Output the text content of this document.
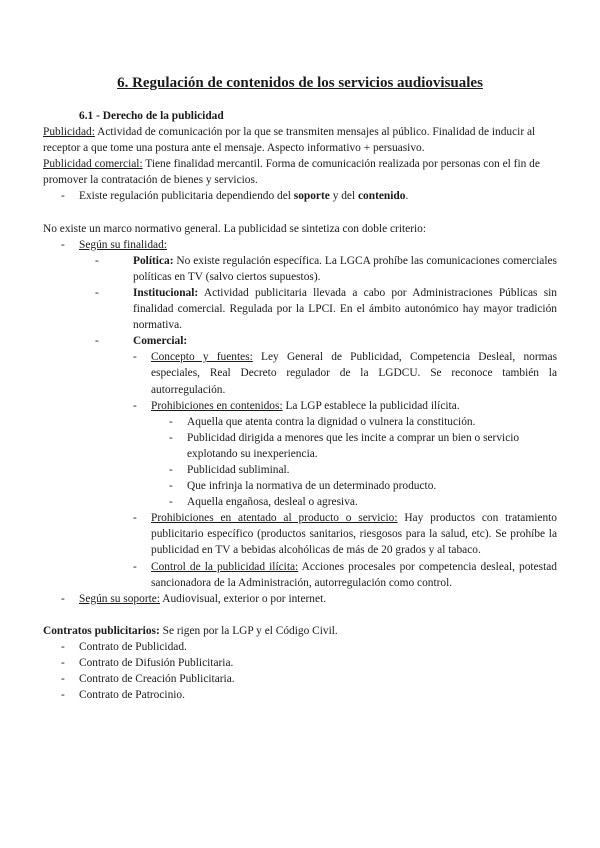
6. Regulación de contenidos de los servicios audiovisuales

6.1 - Derecho de la publicidad

Publicidad: Actividad de comunicación por la que se transmiten mensajes al público. Finalidad de inducir al receptor a que tome una postura ante el mensaje. Aspecto informativo + persuasivo.

Publicidad comercial: Tiene finalidad mercantil. Forma de comunicación realizada por personas con el fin de promover la contratación de bienes y servicios.

- Existe regulación publicitaria dependiendo del soporte y del contenido.

No existe un marco normativo general. La publicidad se sintetiza con doble criterio:

- Según su finalidad:
-	Política: No existe regulación específica. La LGCA prohíbe las comunicaciones comerciales políticas en TV (salvo ciertos supuestos).
-	Institucional: Actividad publicitaria llevada a cabo por Administraciones Públicas sin finalidad comercial. Regulada por la LPCI. En el ámbito autonómico hay mayor tradición normativa.
-	Comercial:
- Concepto y fuentes: Ley General de Publicidad, Competencia Desleal, normas especiales, Real Decreto regulador de la LGDCU. Se reconoce también la autorregulación.
- Prohibiciones en contenidos: La LGP establece la publicidad ilícita.
- Aquella que atenta contra la dignidad o vulnera la constitución.
- Publicidad dirigida a menores que les incite a comprar un bien o servicio explotando su inexperiencia.
- Publicidad subliminal.
- Que infrinja la normativa de un determinado producto.
- Aquella engañosa, desleal o agresiva.
- Prohibiciones en atentado al producto o servicio: Hay productos con tratamiento publicitario específico (productos sanitarios, riesgosos para la salud, etc). Se prohíbe la publicidad en TV a bebidas alcohólicas de más de 20 grados y al tabaco.
- Control de la publicidad ilícita: Acciones procesales por competencia desleal, potestad sancionadora de la Administración, autorregulación como control.
- Según su soporte: Audiovisual, exterior o por internet.

Contratos publicitarios: Se rigen por la LGP y el Código Civil.

- Contrato de Publicidad.
- Contrato de Difusión Publicitaria.
- Contrato de Creación Publicitaria.
- Contrato de Patrocinio.
